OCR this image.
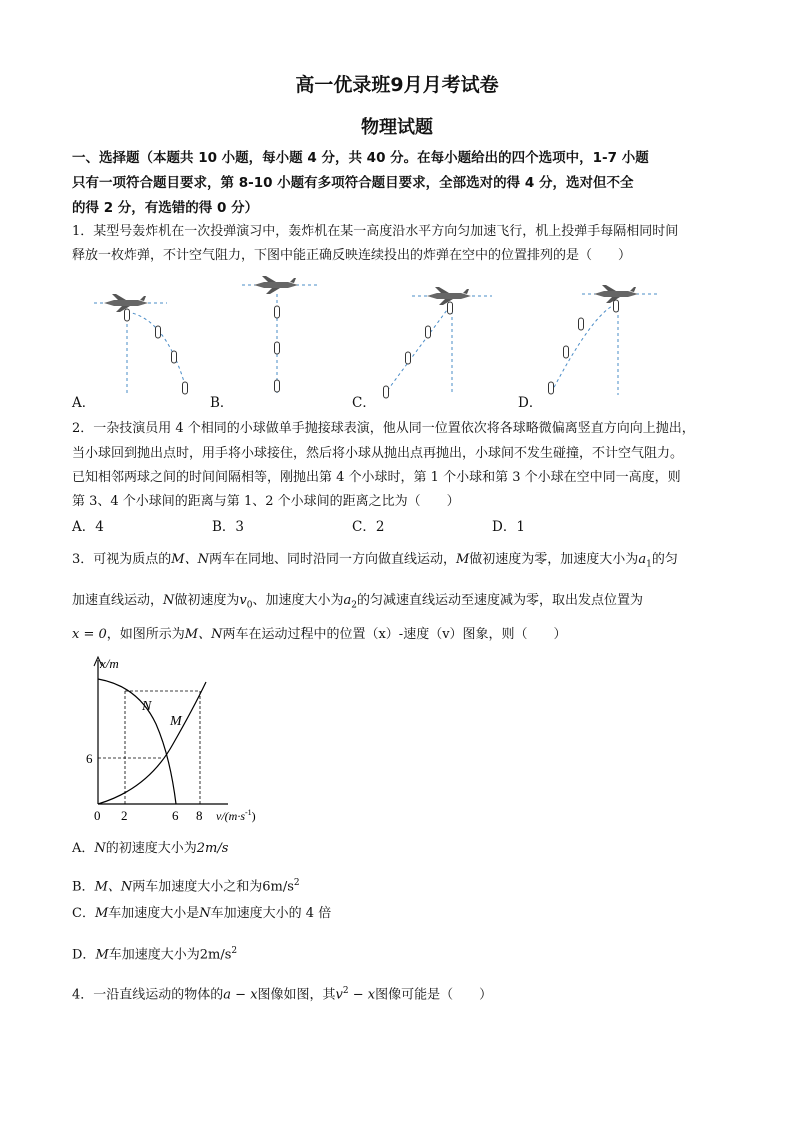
高一优录班9月月考试卷
物理试题
一、选择题（本题共 10 小题，每小题 4 分，共 40 分。在每小题给出的四个选项中，1-7 小题
只有一项符合题目要求，第 8-10 小题有多项符合题目要求，全部选对的得 4 分，选对但不全
的得 2 分，有选错的得 0 分）
1．某型号轰炸机在一次投弹演习中，轰炸机在某一高度沿水平方向匀加速飞行，机上投弹手每隔相同时间
释放一枚炸弹，不计空气阻力，下图中能正确反映连续投出的炸弹在空中的位置排列的是（　　）
A．	B．	C．	D．
2．一杂技演员用 4 个相同的小球做单手抛接球表演，他从同一位置依次将各球略微偏离竖直方向向上抛出，
当小球回到抛出点时，用手将小球接住，然后将小球从抛出点再抛出，小球间不发生碰撞，不计空气阻力。
已知相邻两球之间的时间间隔相等，刚抛出第 4 个小球时，第 1 个小球和第 3 个小球在空中同一高度，则
第 3、4 个小球间的距离与第 1、2 个小球间的距离之比为（　　）
A．4	B．3	C．2	D．1
3．可视为质点的M、N两车在同地、同时沿同一方向做直线运动，M做初速度为零，加速度大小为$a_1$的匀
加速直线运动，N做初速度为$v_0$、加速度大小为$a_2$的匀减速直线运动至速度减为零，取出发点位置为
x = 0，如图所示为M、N两车在运动过程中的位置（x）-速度（v）图象，则（　　）
x/m
N
M
6
0 2	6 8 $v/(m\cdot s^{-1})$
A．N的初速度大小为2m/s
B．M、N两车加速度大小之和为$6m/s^2$
C．M车加速度大小是N车加速度大小的 4 倍
D．M车加速度大小为$2m/s^2$
4．一沿直线运动的物体的a − x图像如图，其$v^2 - x$图像可能是（　　）
